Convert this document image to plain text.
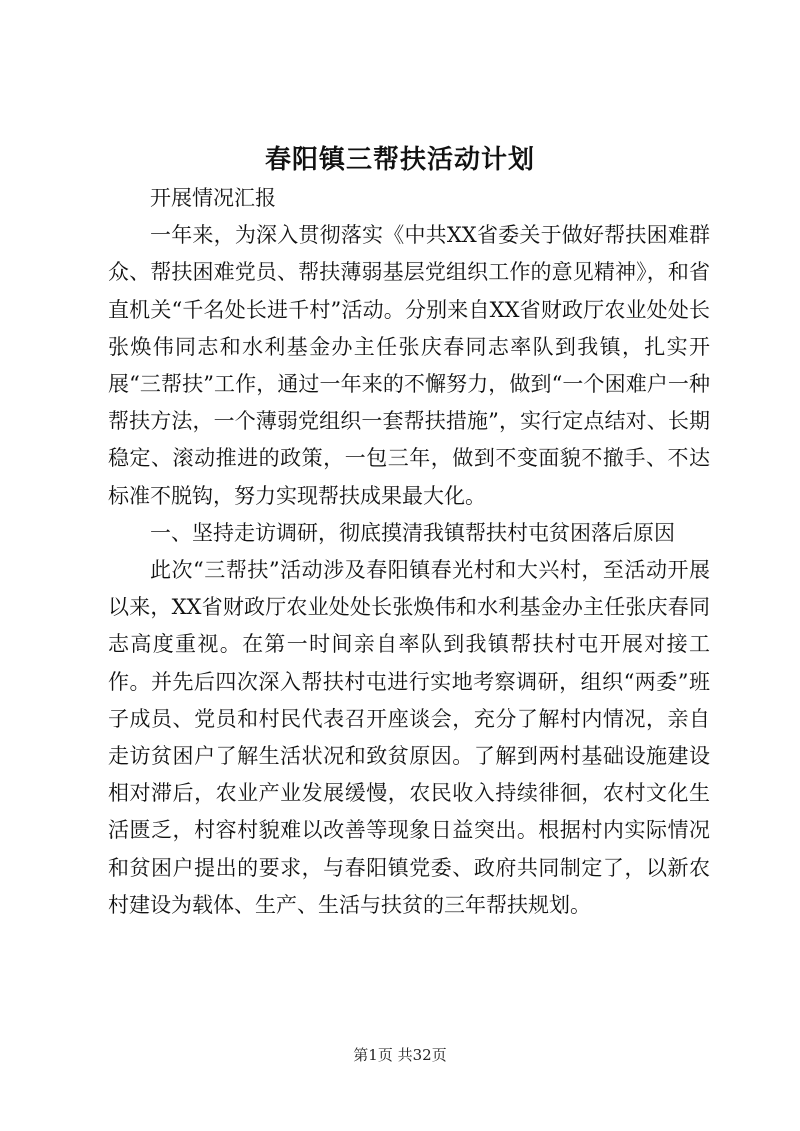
春阳镇三帮扶活动计划

开展情况汇报

一年来，为深入贯彻落实《中共XX省委关于做好帮扶困难群众、帮扶困难党员、帮扶薄弱基层党组织工作的意见精神》，和省直机关“千名处长进千村”活动。分别来自XX省财政厅农业处处长张焕伟同志和水利基金办主任张庆春同志率队到我镇，扎实开展“三帮扶”工作，通过一年来的不懈努力，做到“一个困难户一种帮扶方法，一个薄弱党组织一套帮扶措施”，实行定点结对、长期稳定、滚动推进的政策，一包三年，做到不变面貌不撤手、不达标准不脱钩，努力实现帮扶成果最大化。

一、坚持走访调研，彻底摸清我镇帮扶村屯贫困落后原因

此次“三帮扶”活动涉及春阳镇春光村和大兴村，至活动开展以来，XX省财政厅农业处处长张焕伟和水利基金办主任张庆春同志高度重视。在第一时间亲自率队到我镇帮扶村屯开展对接工作。并先后四次深入帮扶村屯进行实地考察调研，组织“两委”班子成员、党员和村民代表召开座谈会，充分了解村内情况，亲自走访贫困户了解生活状况和致贫原因。了解到两村基础设施建设相对滞后，农业产业发展缓慢，农民收入持续徘徊，农村文化生活匮乏，村容村貌难以改善等现象日益突出。根据村内实际情况和贫困户提出的要求，与春阳镇党委、政府共同制定了，以新农村建设为载体、生产、生活与扶贫的三年帮扶规划。

第1页 共32页
